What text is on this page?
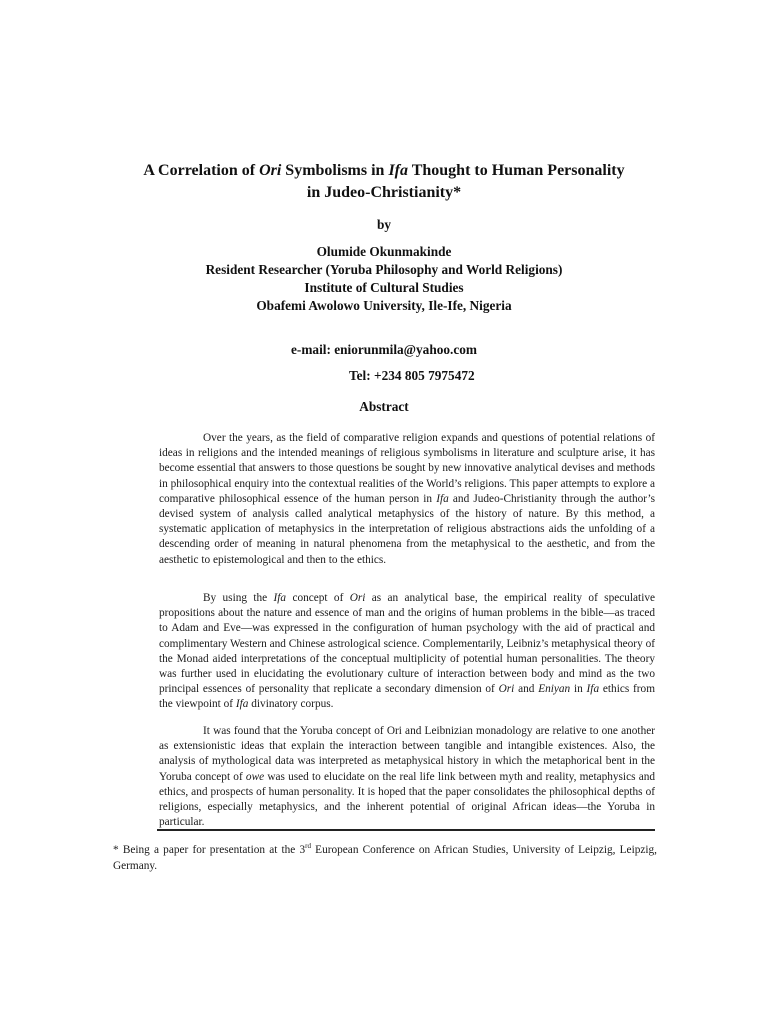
A Correlation of Ori Symbolisms in Ifa Thought to Human Personality
in Judeo-Christianity*

by

Olumide Okunmakinde
Resident Researcher (Yoruba Philosophy and World Religions)
Institute of Cultural Studies
Obafemi Awolowo University, Ile-Ife, Nigeria

e-mail: eniorunmila@yahoo.com

Tel: +234 805 7975472

Abstract

Over the years, as the field of comparative religion expands and questions of potential relations of ideas in religions and the intended meanings of religious symbolisms in literature and sculpture arise, it has become essential that answers to those questions be sought by new innovative analytical devises and methods in philosophical enquiry into the contextual realities of the World’s religions. This paper attempts to explore a comparative philosophical essence of the human person in Ifa and Judeo-Christianity through the author’s devised system of analysis called analytical metaphysics of the history of nature. By this method, a systematic application of metaphysics in the interpretation of religious abstractions aids the unfolding of a descending order of meaning in natural phenomena from the metaphysical to the aesthetic, and from the aesthetic to epistemological and then to the ethics.

By using the Ifa concept of Ori as an analytical base, the empirical reality of speculative propositions about the nature and essence of man and the origins of human problems in the bible—as traced to Adam and Eve—was expressed in the configuration of human psychology with the aid of practical and complimentary Western and Chinese astrological science. Complementarily, Leibniz’s metaphysical theory of the Monad aided interpretations of the conceptual multiplicity of potential human personalities. The theory was further used in elucidating the evolutionary culture of interaction between body and mind as the two principal essences of personality that replicate a secondary dimension of Ori and Eniyan in Ifa ethics from the viewpoint of Ifa divinatory corpus.

It was found that the Yoruba concept of Ori and Leibnizian monadology are relative to one another as extensionistic ideas that explain the interaction between tangible and intangible existences. Also, the analysis of mythological data was interpreted as metaphysical history in which the metaphorical bent in the Yoruba concept of owe was used to elucidate on the real life link between myth and reality, metaphysics and ethics, and prospects of human personality. It is hoped that the paper consolidates the philosophical depths of religions, especially metaphysics, and the inherent potential of original African ideas—the Yoruba in particular.

* Being a paper for presentation at the 3rd European Conference on African Studies, University of Leipzig, Leipzig, Germany.
